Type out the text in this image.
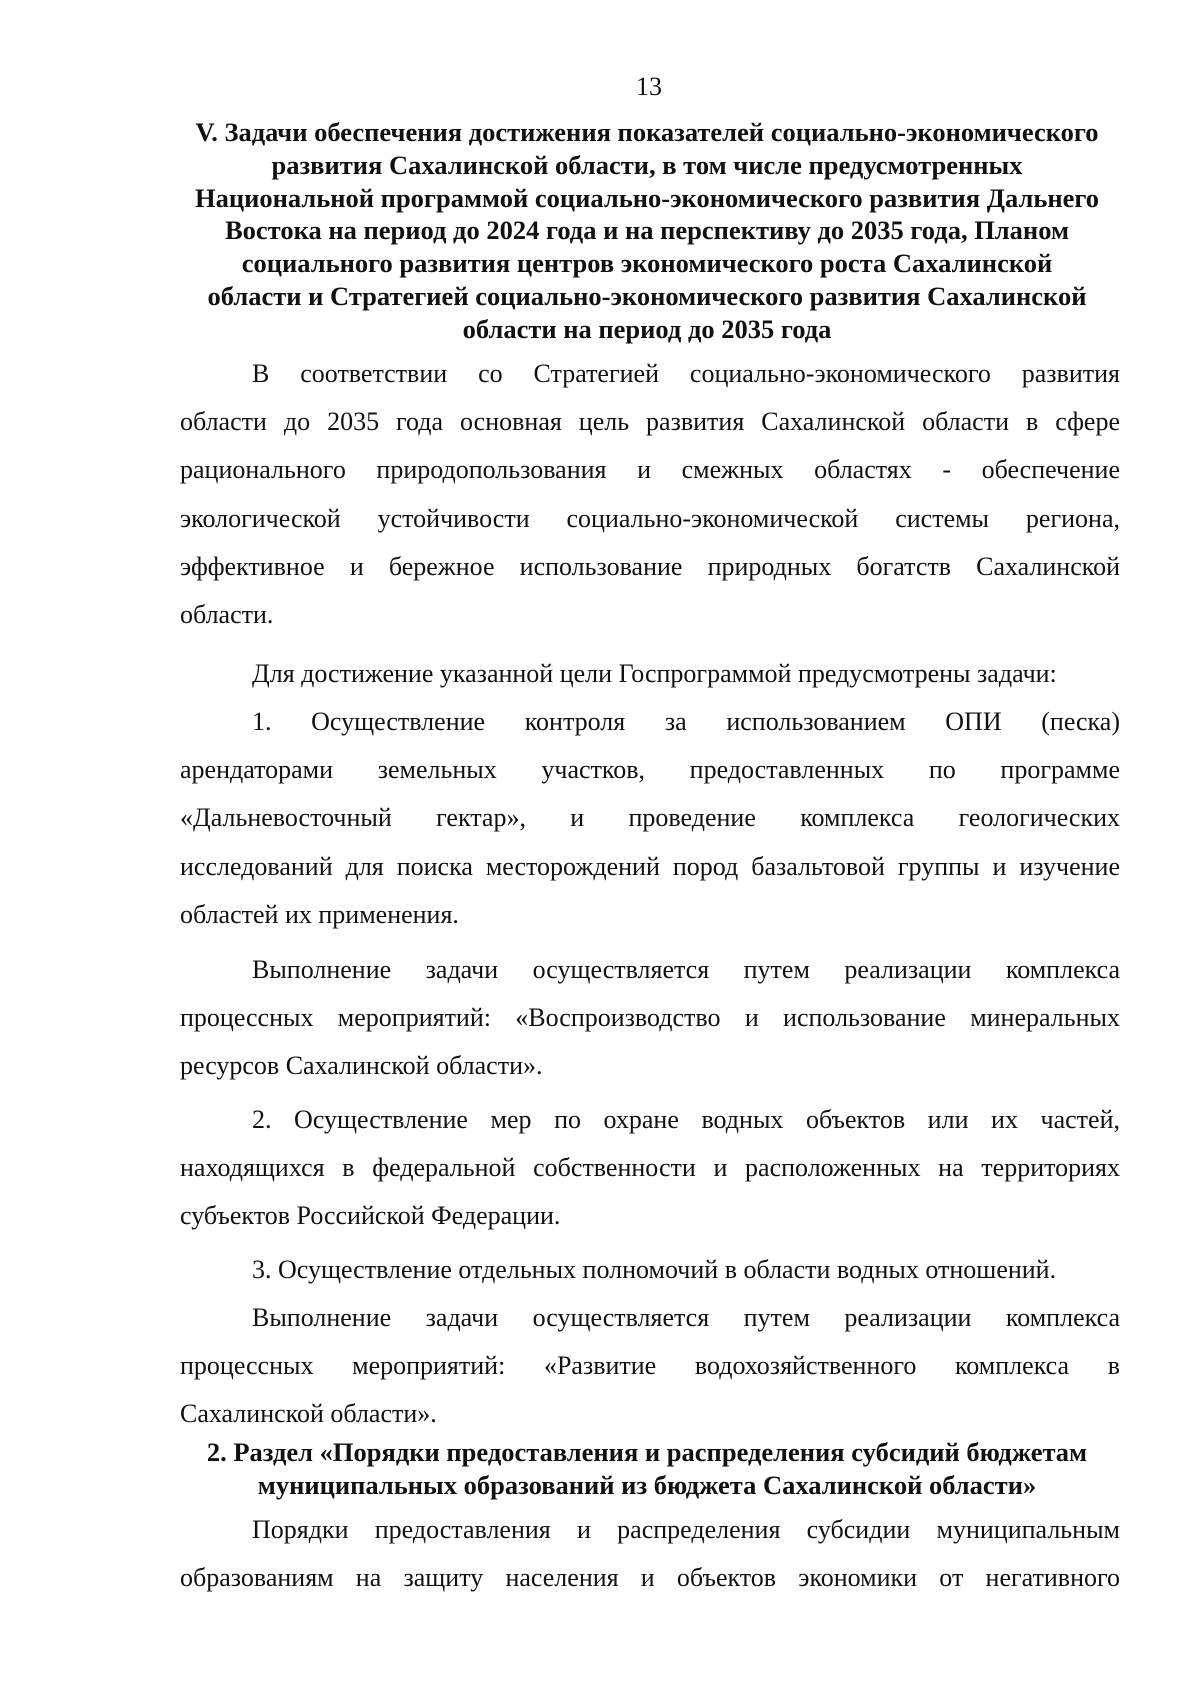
13
V. Задачи обеспечения достижения показателей социально-экономического
развития Сахалинской области, в том числе предусмотренных
Национальной программой социально-экономического развития Дальнего
Востока на период до 2024 года и на перспективу до 2035 года, Планом
социального развития центров экономического роста Сахалинской
области и Стратегией социально-экономического развития Сахалинской
области на период до 2035 года
В соответствии со Стратегией социально-экономического развития
области до 2035 года основная цель развития Сахалинской области в сфере
рационального природопользования и смежных областях - обеспечение
экологической устойчивости социально-экономической системы региона,
эффективное и бережное использование природных богатств Сахалинской
области.
Для достижение указанной цели Госпрограммой предусмотрены задачи:
1. Осуществление контроля за использованием ОПИ (песка)
арендаторами земельных участков, предоставленных по программе
«Дальневосточный гектар», и проведение комплекса геологических
исследований для поиска месторождений пород базальтовой группы и изучение
областей их применения.
Выполнение задачи осуществляется путем реализации комплекса
процессных мероприятий: «Воспроизводство и использование минеральных
ресурсов Сахалинской области».
2. Осуществление мер по охране водных объектов или их частей,
находящихся в федеральной собственности и расположенных на территориях
субъектов Российской Федерации.
3. Осуществление отдельных полномочий в области водных отношений.
Выполнение задачи осуществляется путем реализации комплекса
процессных мероприятий: «Развитие водохозяйственного комплекса в
Сахалинской области».
2. Раздел «Порядки предоставления и распределения субсидий бюджетам
муниципальных образований из бюджета Сахалинской области»
Порядки предоставления и распределения субсидии муниципальным
образованиям на защиту населения и объектов экономики от негативного
